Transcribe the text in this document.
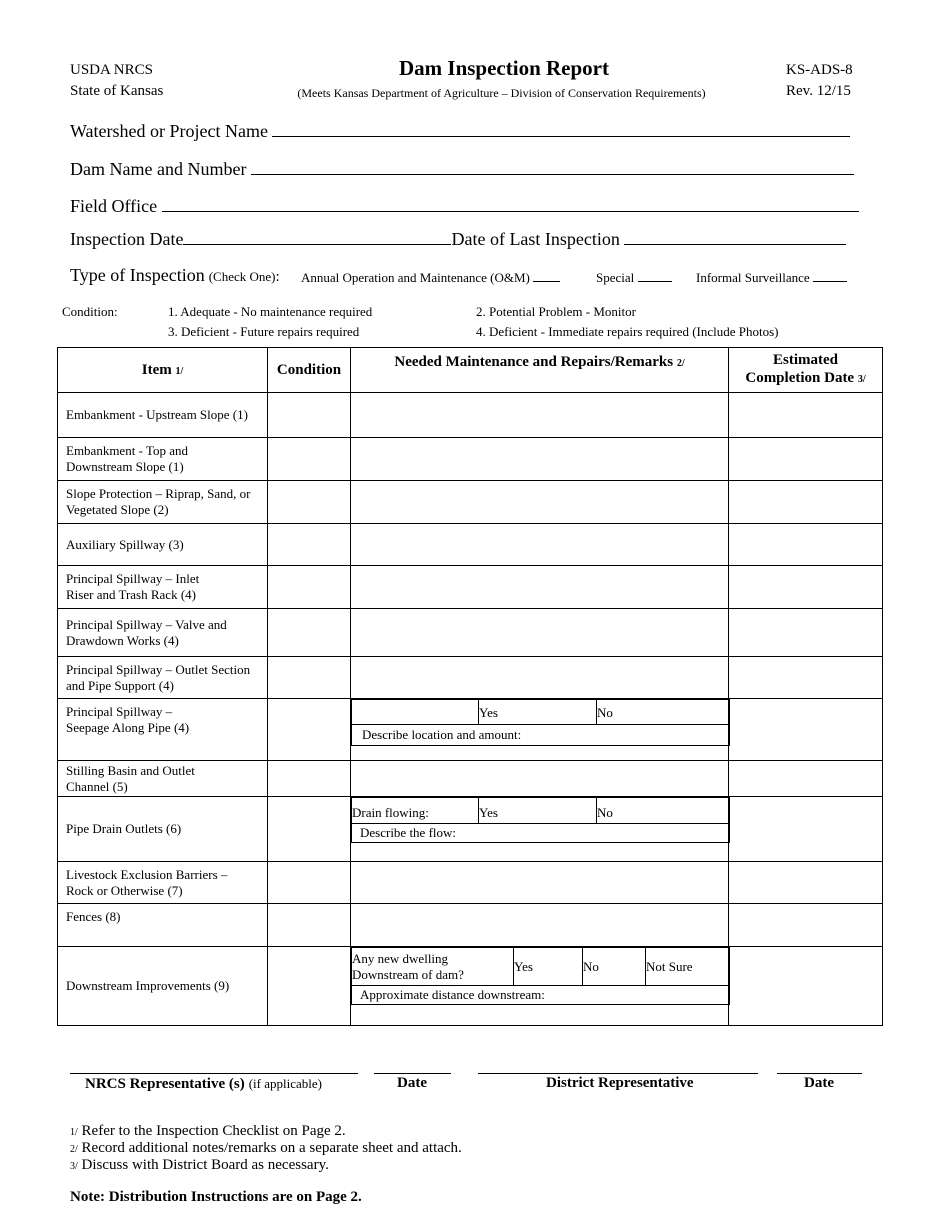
USDA NRCS
State of Kansas
Dam Inspection Report
(Meets Kansas Department of Agriculture – Division of Conservation Requirements)
KS-ADS-8
Rev. 12/15
Watershed or Project Name
Dam Name and Number
Field Office
Inspection Date	Date of Last Inspection
Type of Inspection (Check One): Annual Operation and Maintenance (O&M)	Special	Informal Surveillance
Condition:	1. Adequate - No maintenance required	2. Potential Problem - Monitor
3. Deficient - Future repairs required	4. Deficient - Immediate repairs required (Include Photos)
Item 1/	Condition	Needed Maintenance and Repairs/Remarks 2/	Estimated
Completion Date 3/
Embankment - Upstream Slope (1)			
Embankment - Top and
Downstream Slope (1)			
Slope Protection – Riprap, Sand, or
Vegetated Slope (2)			
Auxiliary Spillway (3)			
Principal Spillway – Inlet
Riser and Trash Rack (4)			
Principal Spillway – Valve and
Drawdown Works (4)			
Principal Spillway – Outlet Section
and Pipe Support (4)			
Principal Spillway –
Seepage Along Pipe (4)		
	Yes	No
Describe location and amount:

Stilling Basin and Outlet
Channel (5)			
Pipe Drain Outlets (6)		
Drain flowing:	Yes	No
Describe the flow:

Livestock Exclusion Barriers –
Rock or Otherwise (7)			
Fences (8)			
Downstream Improvements (9)		
Any new dwelling
Downstream of dam?	Yes	No	Not Sure
Approximate distance downstream:

NRCS Representative (s) (if applicable)	Date	District Representative	Date
1/ Refer to the Inspection Checklist on Page 2.
2/ Record additional notes/remarks on a separate sheet and attach.
3/ Discuss with District Board as necessary.
Note: Distribution Instructions are on Page 2.
